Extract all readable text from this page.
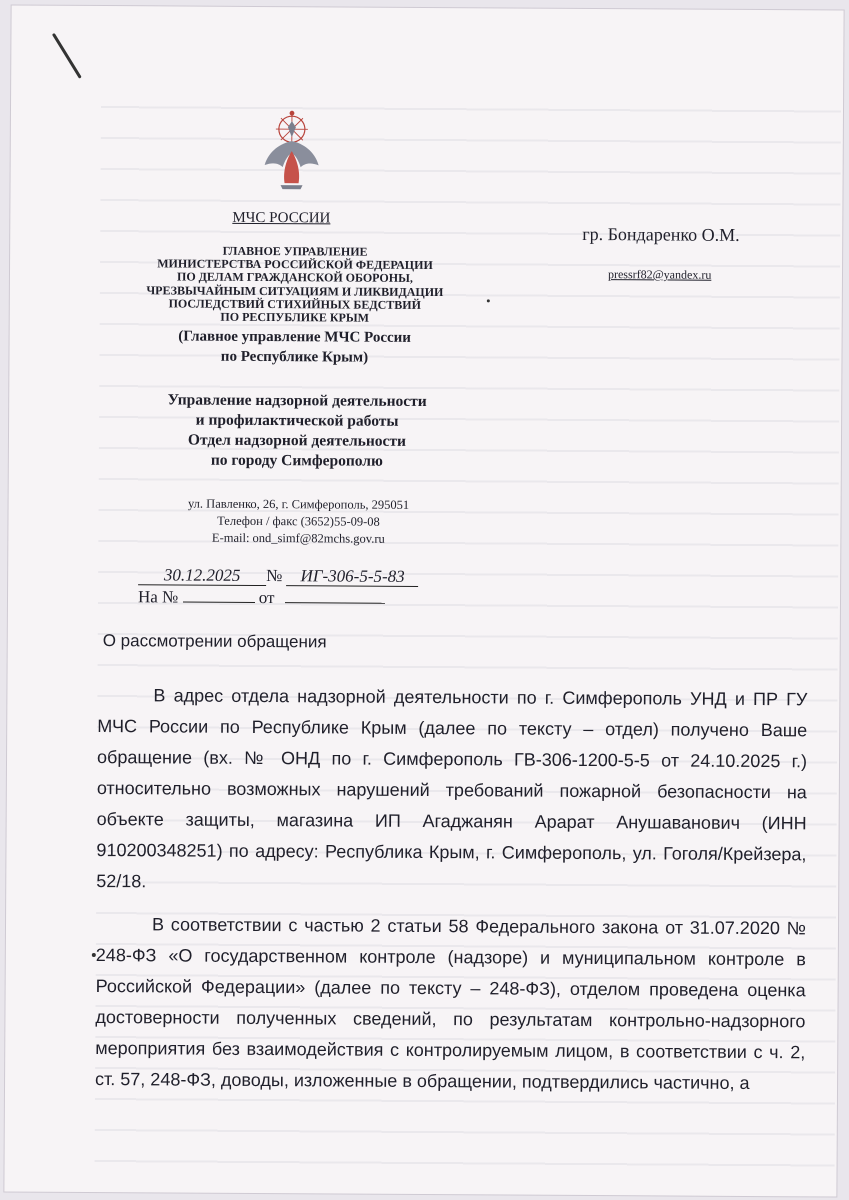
МЧС РОССИИ
ГЛАВНОЕ УПРАВЛЕНИЕ
МИНИСТЕРСТВА РОССИЙСКОЙ ФЕДЕРАЦИИ
ПО ДЕЛАМ ГРАЖДАНСКОЙ ОБОРОНЫ,
ЧРЕЗВЫЧАЙНЫМ СИТУАЦИЯМ И ЛИКВИДАЦИИ
ПОСЛЕДСТВИЙ СТИХИЙНЫХ БЕДСТВИЙ
ПО РЕСПУБЛИКЕ КРЫМ
(Главное управление МЧС России
по Республике Крым)
Управление надзорной деятельности
и профилактической работы
Отдел надзорной деятельности
по городу Симферополю
ул. Павленко, 26, г. Симферополь, 295051
Телефон / факс (3652)55-09-08
E-mail: ond_simf@82mchs.gov.ru
гр. Бондаренко О.М.
pressrf82@yandex.ru
30.12.2025 № ИГ-306-5-5-83
На №	от
О рассмотрении обращения

В адрес отдела надзорной деятельности по г. Симферополь УНД и ПР ГУ МЧС России по Республике Крым (далее по тексту – отдел) получено Ваше обращение (вх. № ОНД по г. Симферополь ГВ-306-1200-5-5 от 24.10.2025 г.) относительно возможных нарушений требований пожарной безопасности на объекте защиты, магазина ИП Агаджанян Арарат Анушаванович (ИНН 910200348251) по адресу: Республика Крым, г. Симферополь, ул. Гоголя/Крейзера, 52/18.

В соответствии с частью 2 статьи 58 Федерального закона от 31.07.2020 № 248-ФЗ «О государственном контроле (надзоре) и муниципальном контроле в Российской Федерации» (далее по тексту – 248-ФЗ), отделом проведена оценка достоверности полученных сведений, по результатам контрольно-надзорного мероприятия без взаимодействия с контролируемым лицом, в соответствии с ч. 2, ст. 57, 248-ФЗ, доводы, изложенные в обращении, подтвердились частично, а
